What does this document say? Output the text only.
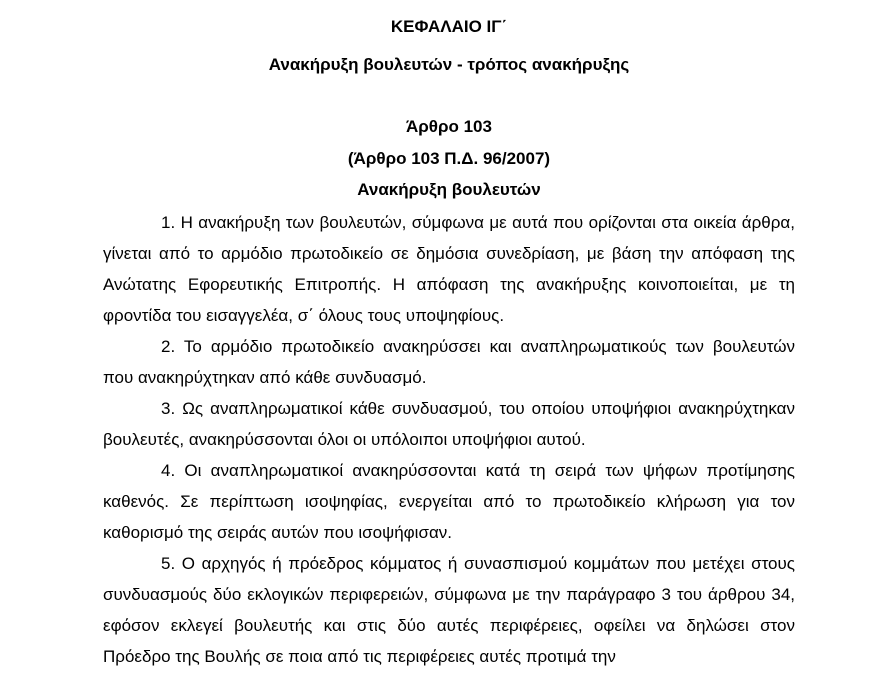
ΚΕΦΑΛΑΙΟ ΙΓ΄

Ανακήρυξη βουλευτών - τρόπος ανακήρυξης

Άρθρο 103

(Άρθρο 103 Π.Δ. 96/2007)

Ανακήρυξη βουλευτών

1. Η ανακήρυξη των βουλευτών, σύμφωνα με αυτά που ορίζονται στα οικεία άρθρα, γίνεται από το αρμόδιο πρωτοδικείο σε δημόσια συνεδρίαση, με βάση την απόφαση της Ανώτατης Εφορευτικής Επιτροπής. Η απόφαση της ανακήρυξης κοινοποιείται, με τη φροντίδα του εισαγγελέα, σ΄ όλους τους υποψηφίους.

2. Το αρμόδιο πρωτοδικείο ανακηρύσσει και αναπληρωματικούς των βουλευτών που ανακηρύχτηκαν από κάθε συνδυασμό.

3. Ως αναπληρωματικοί κάθε συνδυασμού, του οποίου υποψήφιοι ανακηρύχτηκαν βουλευτές, ανακηρύσσονται όλοι οι υπόλοιποι υποψήφιοι αυτού.

4. Οι αναπληρωματικοί ανακηρύσσονται κατά τη σειρά των ψήφων προτίμησης καθενός. Σε περίπτωση ισοψηφίας, ενεργείται από το πρωτοδικείο κλήρωση για τον καθορισμό της σειράς αυτών που ισοψήφισαν.

5. Ο αρχηγός ή πρόεδρος κόμματος ή συνασπισμού κομμάτων που μετέχει στους συνδυασμούς δύο εκλογικών περιφερειών, σύμφωνα με την παράγραφο 3 του άρθρου 34, εφόσον εκλεγεί βουλευτής και στις δύο αυτές περιφέρειες, οφείλει να δηλώσει στον Πρόεδρο της Βουλής σε ποια από τις περιφέρειες αυτές προτιμά την
